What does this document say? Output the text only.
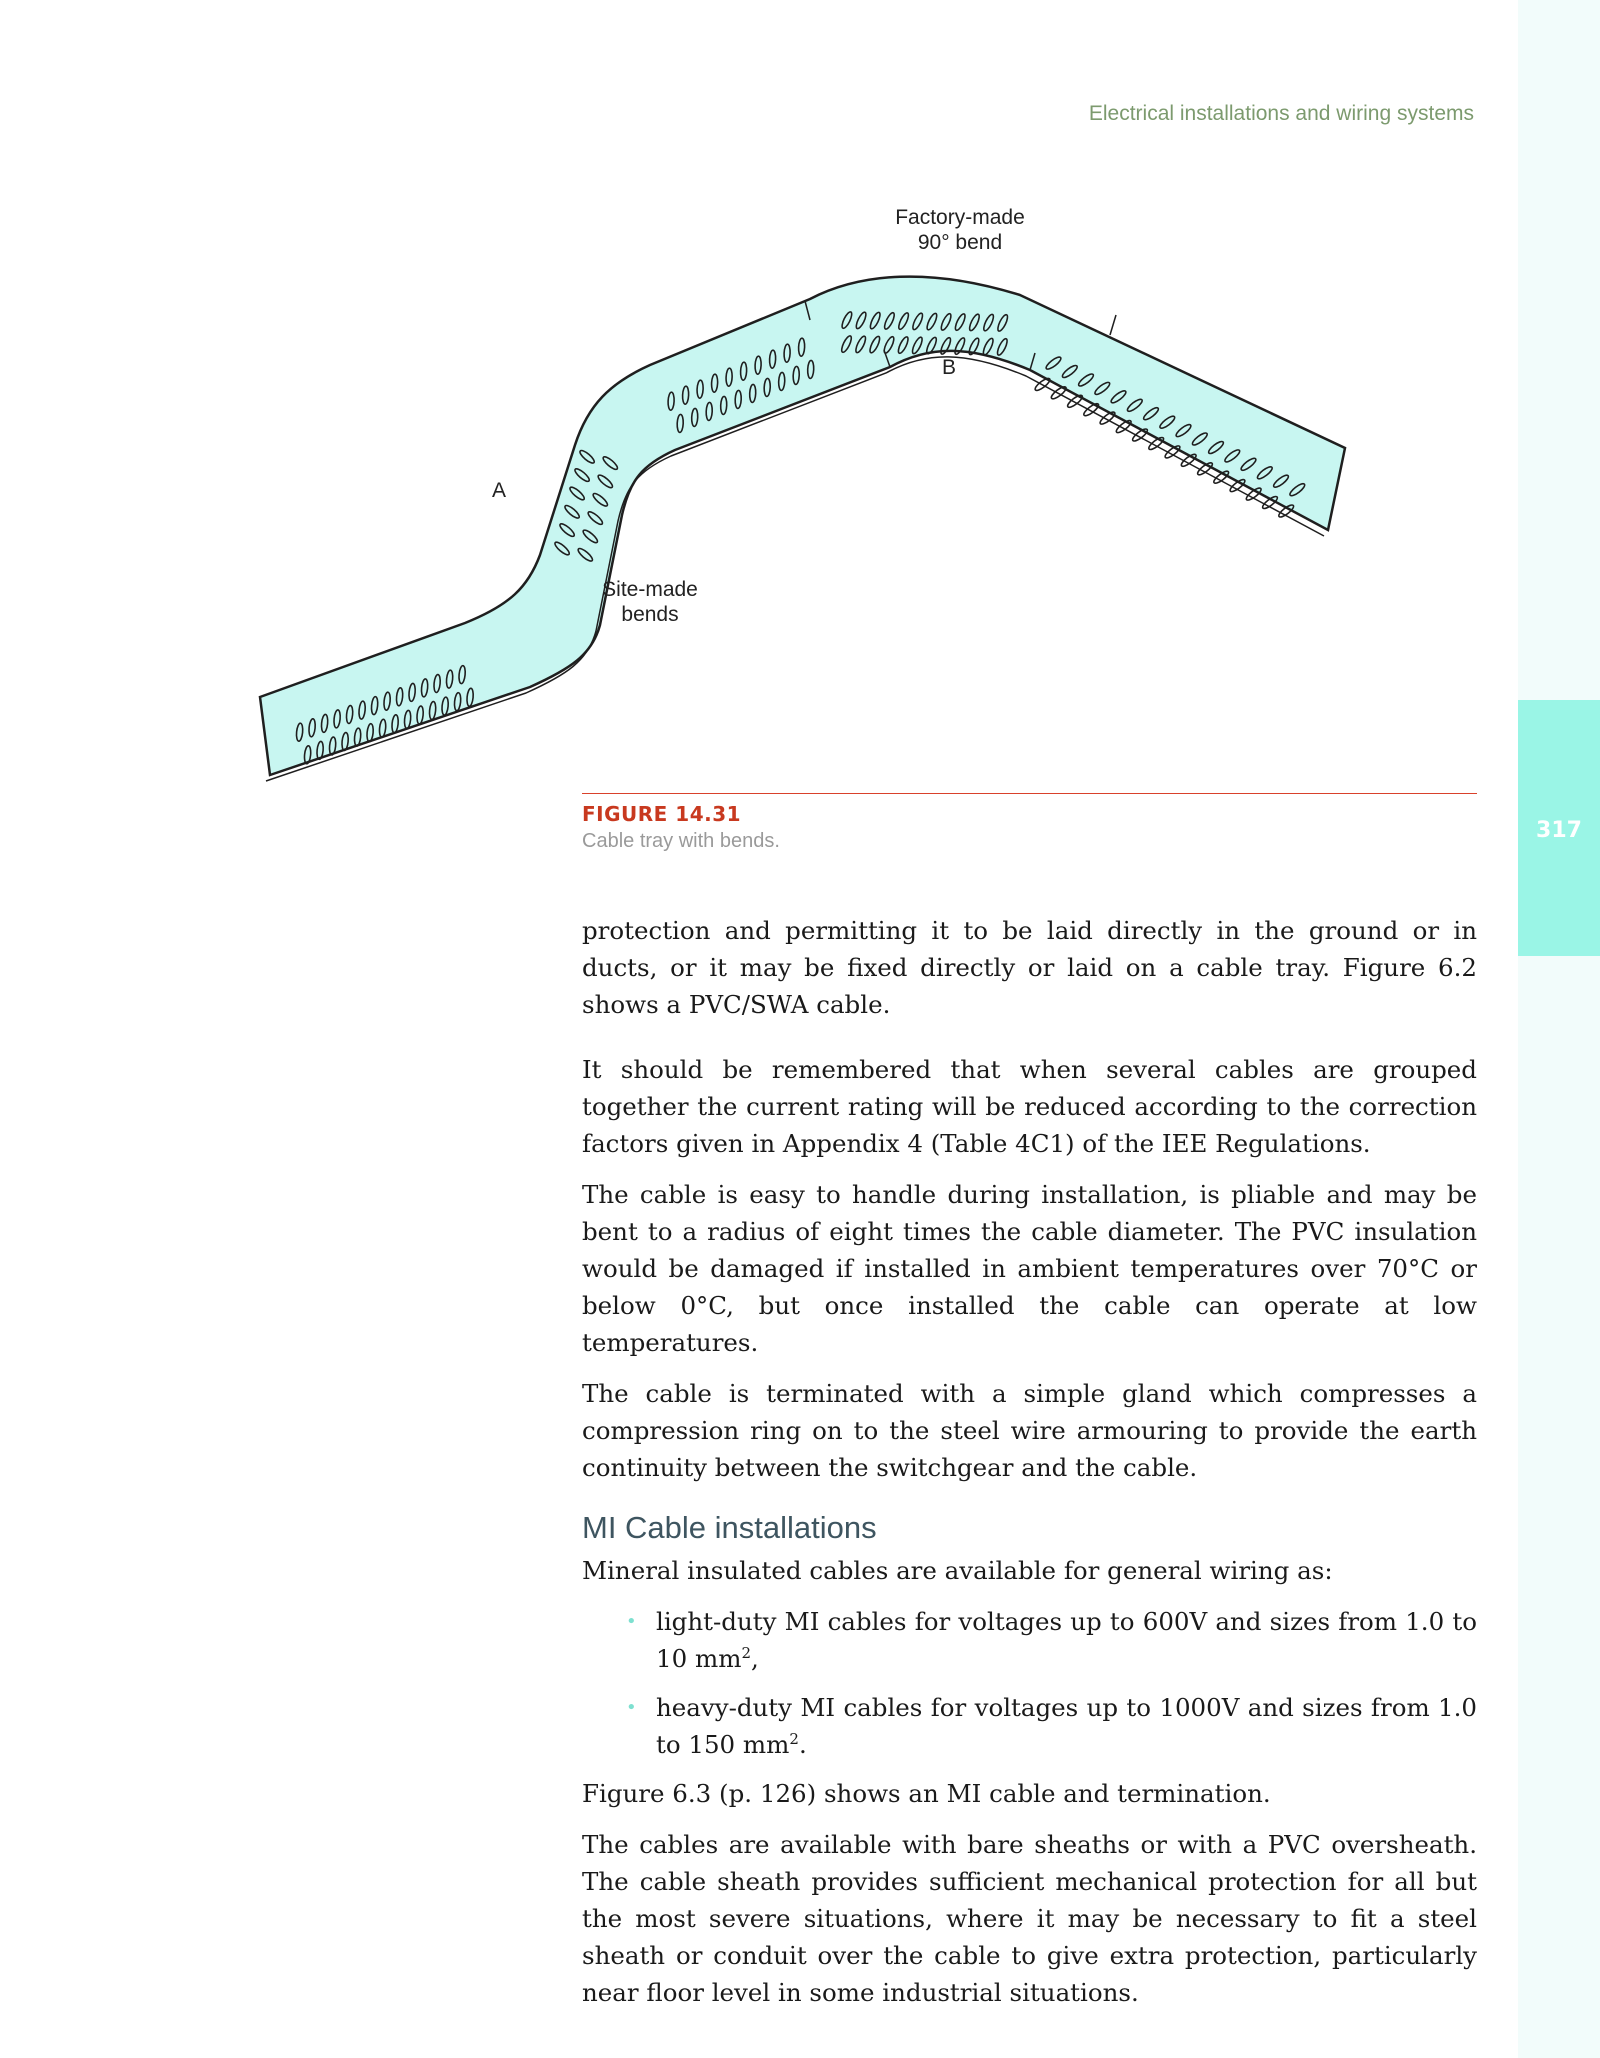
317
Electrical installations and wiring systems
Factory-made
90° bend
A
B
Site-made
bends
FIGURE 14.31
Cable tray with bends.

protection and permitting it to be laid directly in the ground or in ducts, or it may be fixed directly or laid on a cable tray. Figure 6.2 shows a PVC/SWA cable.

It should be remembered that when several cables are grouped together the current rating will be reduced according to the correction factors given in Appendix 4 (Table 4C1) of the IEE Regulations.

The cable is easy to handle during installation, is pliable and may be bent to a radius of eight times the cable diameter. The PVC insulation would be damaged if installed in ambient temperatures over 70°C or below 0°C, but once installed the cable can operate at low temperatures.

The cable is terminated with a simple gland which compresses a compression ring on to the steel wire armouring to provide the earth continuity between the switchgear and the cable.

MI Cable installations

Mineral insulated cables are available for general wiring as:

• light-duty MI cables for voltages up to 600V and sizes from 1.0 to 10 $mm^2$,
• heavy-duty MI cables for voltages up to 1000V and sizes from 1.0 to 150 $mm^2$.

Figure 6.3 (p. 126) shows an MI cable and termination.

The cables are available with bare sheaths or with a PVC oversheath. The cable sheath provides sufficient mechanical protection for all but the most severe situations, where it may be necessary to fit a steel sheath or conduit over the cable to give extra protection, particularly near floor level in some industrial situations.
